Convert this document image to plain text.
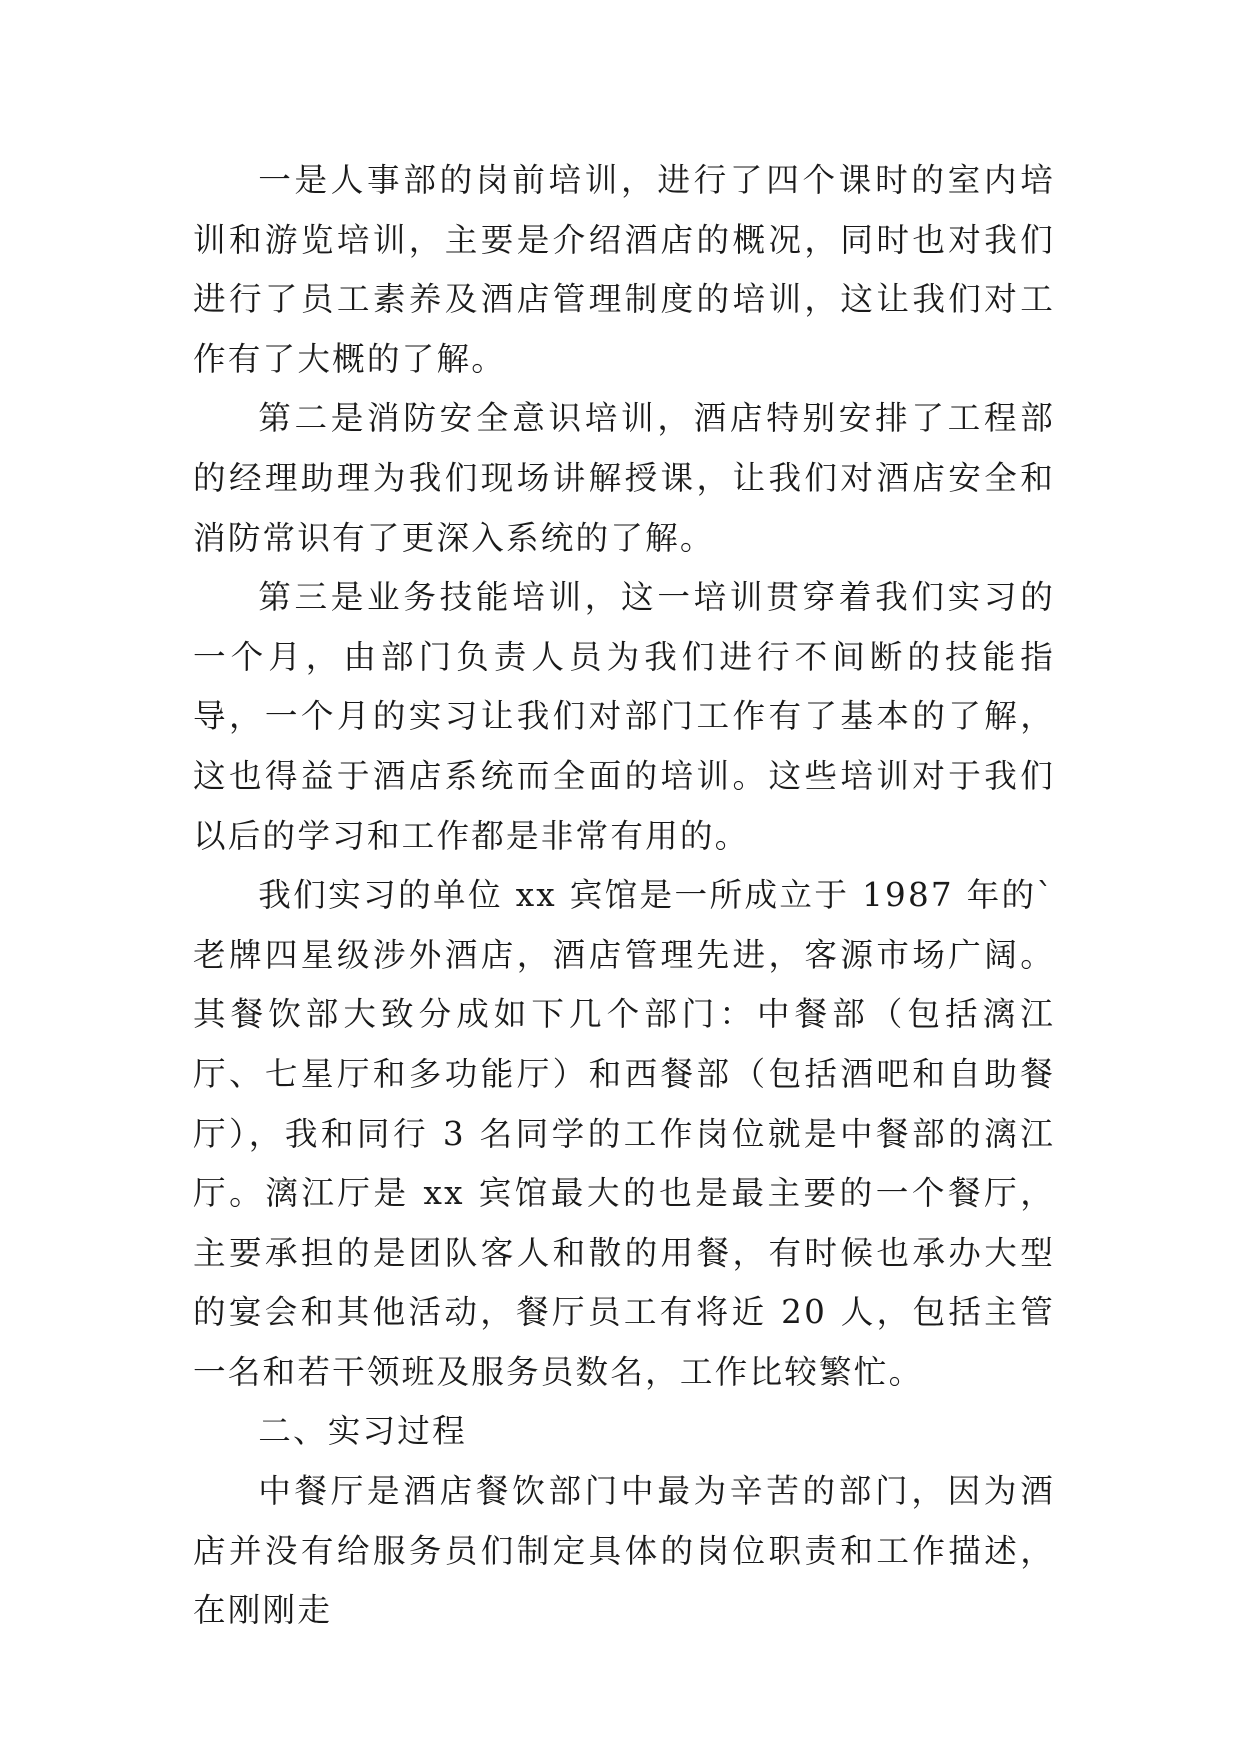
一是人事部的岗前培训，进行了四个课时的室内培训和游览培训，主要是介绍酒店的概况，同时也对我们进行了员工素养及酒店管理制度的培训，这让我们对工作有了大概的了解。

第二是消防安全意识培训，酒店特别安排了工程部的经理助理为我们现场讲解授课，让我们对酒店安全和消防常识有了更深入系统的了解。

第三是业务技能培训，这一培训贯穿着我们实习的一个月，由部门负责人员为我们进行不间断的技能指导，一个月的实习让我们对部门工作有了基本的了解，这也得益于酒店系统而全面的培训。这些培训对于我们以后的学习和工作都是非常有用的。

我们实习的单位 xx 宾馆是一所成立于 1987 年的`老牌四星级涉外酒店，酒店管理先进，客源市场广阔。其餐饮部大致分成如下几个部门：中餐部（包括漓江厅、七星厅和多功能厅）和西餐部（包括酒吧和自助餐厅），我和同行 3 名同学的工作岗位就是中餐部的漓江厅。漓江厅是 xx 宾馆最大的也是最主要的一个餐厅，主要承担的是团队客人和散的用餐，有时候也承办大型的宴会和其他活动，餐厅员工有将近 20 人，包括主管一名和若干领班及服务员数名，工作比较繁忙。

二、实习过程

中餐厅是酒店餐饮部门中最为辛苦的部门，因为酒店并没有给服务员们制定具体的岗位职责和工作描述，在刚刚走
